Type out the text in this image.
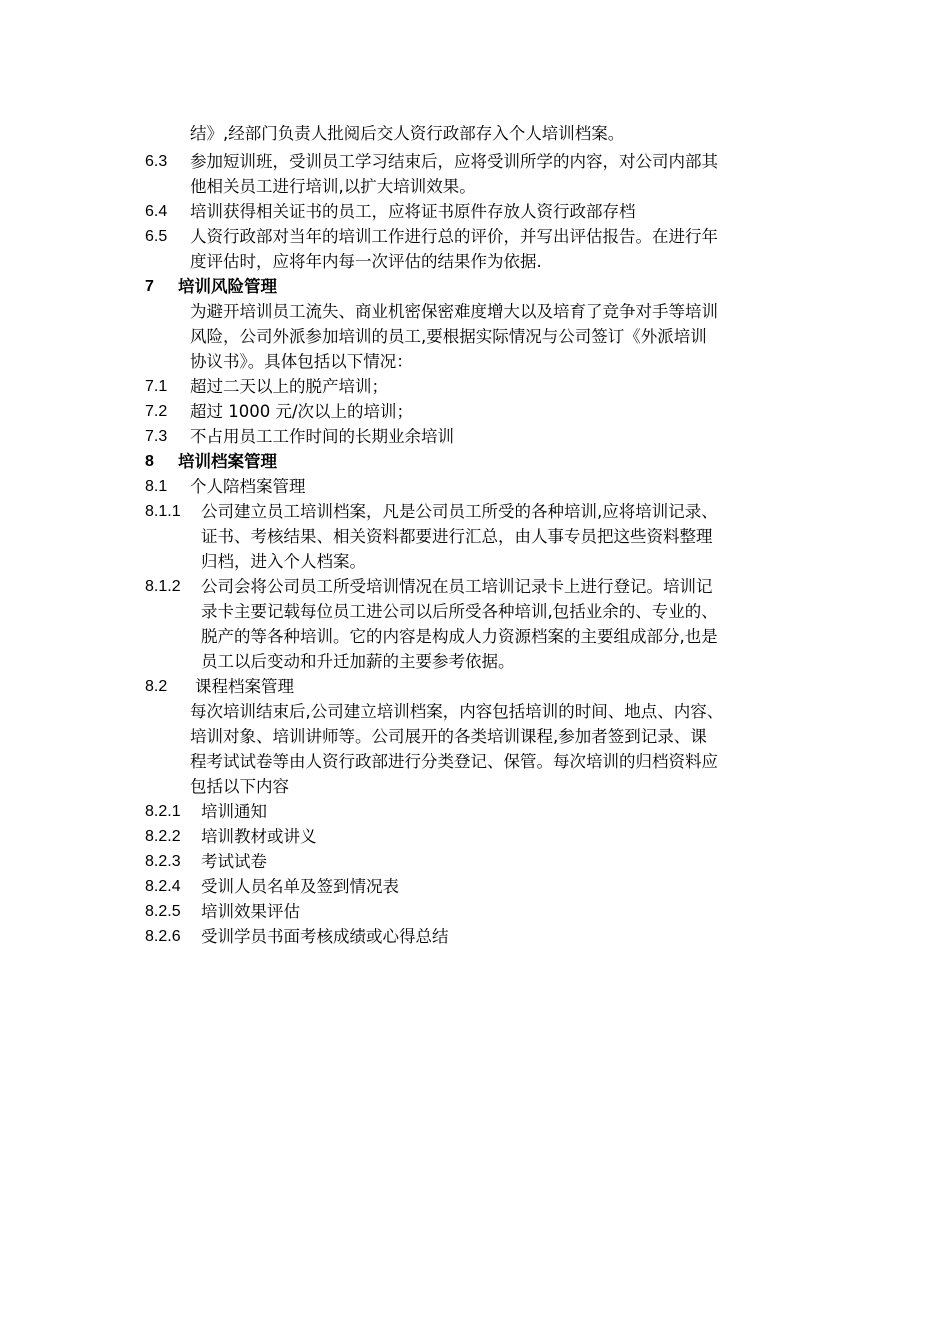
结》,经部门负责人批阅后交人资行政部存入个人培训档案。
6.3 参加短训班，受训员工学习结束后，应将受训所学的内容，对公司内部其
他相关员工进行培训,以扩大培训效果。
6.4 培训获得相关证书的员工，应将证书原件存放人资行政部存档
6.5 人资行政部对当年的培训工作进行总的评价，并写出评估报告。在进行年
度评估时，应将年内每一次评估的结果作为依据.
7 培训风险管理
为避开培训员工流失、商业机密保密难度增大以及培育了竞争对手等培训
风险，公司外派参加培训的员工,要根据实际情况与公司签订《外派培训
协议书》。具体包括以下情况：
7.1 超过二天以上的脱产培训；
7.2 超过 1000 元/次以上的培训；
7.3 不占用员工工作时间的长期业余培训
8 培训档案管理
8.1 个人陪档案管理
8.1.1 公司建立员工培训档案，凡是公司员工所受的各种培训,应将培训记录、
证书、考核结果、相关资料都要进行汇总，由人事专员把这些资料整理
归档，进入个人档案。
8.1.2 公司会将公司员工所受培训情况在员工培训记录卡上进行登记。培训记
录卡主要记载每位员工进公司以后所受各种培训,包括业余的、专业的、
脱产的等各种培训。它的内容是构成人力资源档案的主要组成部分,也是
员工以后变动和升迁加薪的主要参考依据。
8.2 课程档案管理
每次培训结束后,公司建立培训档案，内容包括培训的时间、地点、内容、
培训对象、培训讲师等。公司展开的各类培训课程,参加者签到记录、课
程考试试卷等由人资行政部进行分类登记、保管。每次培训的归档资料应
包括以下内容
8.2.1 培训通知
8.2.2 培训教材或讲义
8.2.3 考试试卷
8.2.4 受训人员名单及签到情况表
8.2.5 培训效果评估
8.2.6 受训学员书面考核成绩或心得总结
